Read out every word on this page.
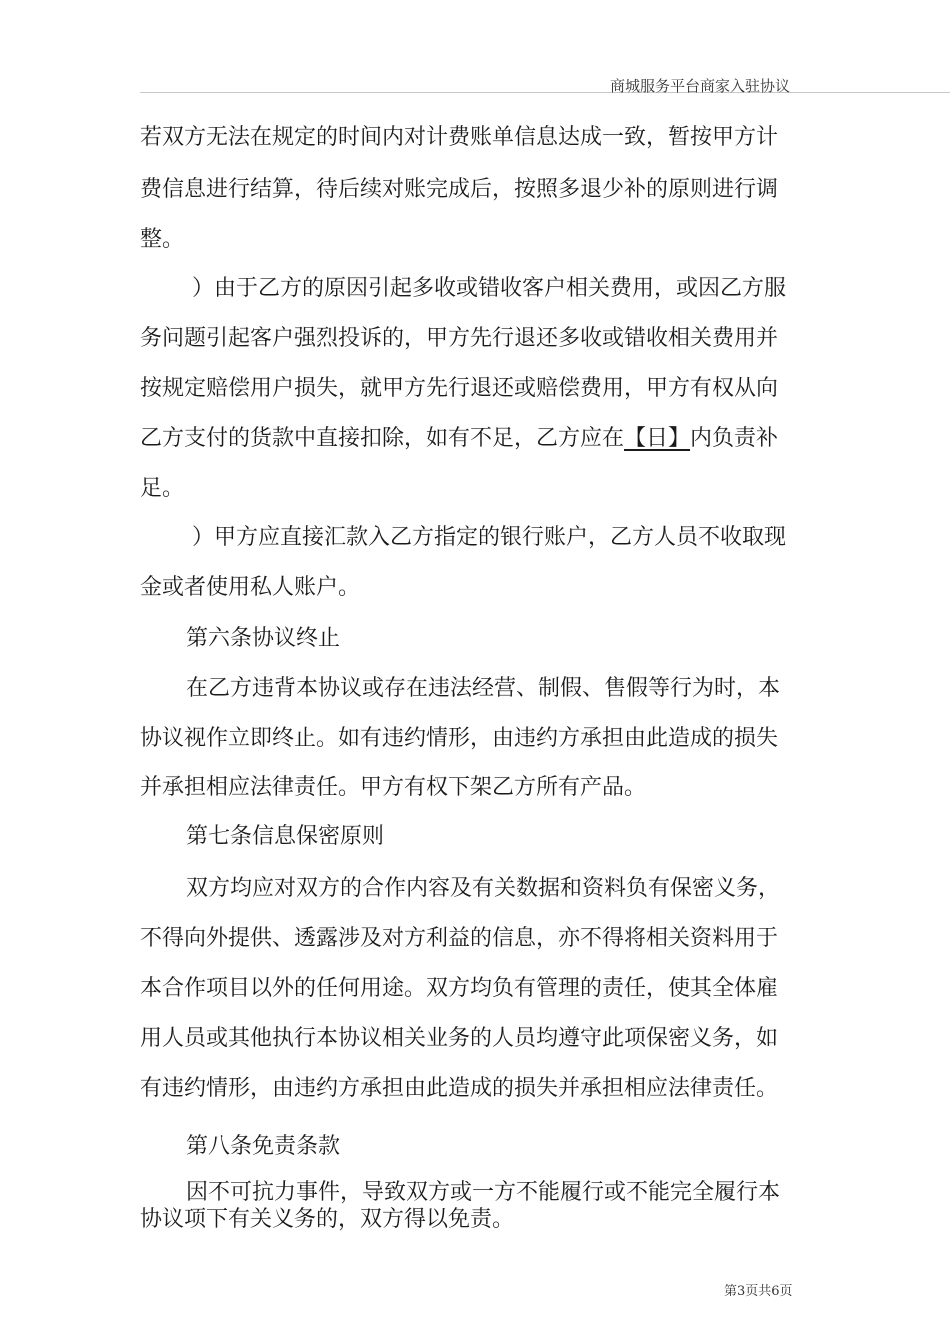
商城服务平台商家入驻协议
若双方无法在规定的时间内对计费账单信息达成一致，暂按甲方计
费信息进行结算，待后续对账完成后，按照多退少补的原则进行调
整。
）由于乙方的原因引起多收或错收客户相关费用，或因乙方服
务问题引起客户强烈投诉的，甲方先行退还多收或错收相关费用并
按规定赔偿用户损失，就甲方先行退还或赔偿费用，甲方有权从向
乙方支付的货款中直接扣除，如有不足，乙方应在【日】内负责补
足。
）甲方应直接汇款入乙方指定的银行账户，乙方人员不收取现
金或者使用私人账户。
第六条协议终止
在乙方违背本协议或存在违法经营、制假、售假等行为时，本
协议视作立即终止。如有违约情形，由违约方承担由此造成的损失
并承担相应法律责任。甲方有权下架乙方所有产品。
第七条信息保密原则
双方均应对双方的合作内容及有关数据和资料负有保密义务，
不得向外提供、透露涉及对方利益的信息，亦不得将相关资料用于
本合作项目以外的任何用途。双方均负有管理的责任，使其全体雇
用人员或其他执行本协议相关业务的人员均遵守此项保密义务，如
有违约情形，由违约方承担由此造成的损失并承担相应法律责任。
第八条免责条款
因不可抗力事件，导致双方或一方不能履行或不能完全履行本
协议项下有关义务的，双方得以免责。
第3页共6页
